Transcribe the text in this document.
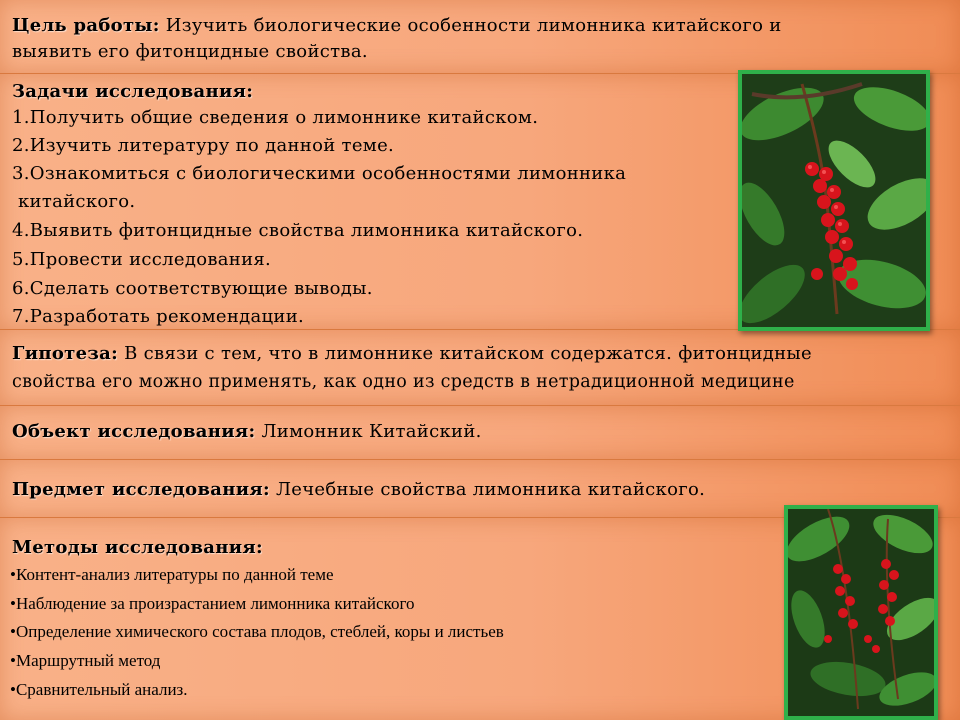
Цель работы: Изучить биологические особенности лимонника китайского и
выявить его фитонцидные свойства.
Задачи исследования:
1.Получить общие сведения о лимоннике китайском.
2.Изучить литературу по данной теме.
3.Ознакомиться с биологическими особенностями лимонника
китайского.
4.Выявить фитонцидные свойства лимонника китайского.
5.Провести исследования.
6.Сделать соответствующие выводы.
7.Разработать рекомендации.
Гипотеза: В связи с тем, что в лимоннике китайском содержатся. фитонцидные
свойства его можно применять, как одно из средств в нетрадиционной медицине
Объект исследования: Лимонник Китайский.
Предмет исследования: Лечебные свойства лимонника китайского.
Методы исследования:
•Контент-анализ литературы по данной теме
•Наблюдение за произрастанием лимонника китайского
•Определение химического состава плодов, стеблей, коры и листьев
•Маршрутный метод
•Сравнительный анализ.
